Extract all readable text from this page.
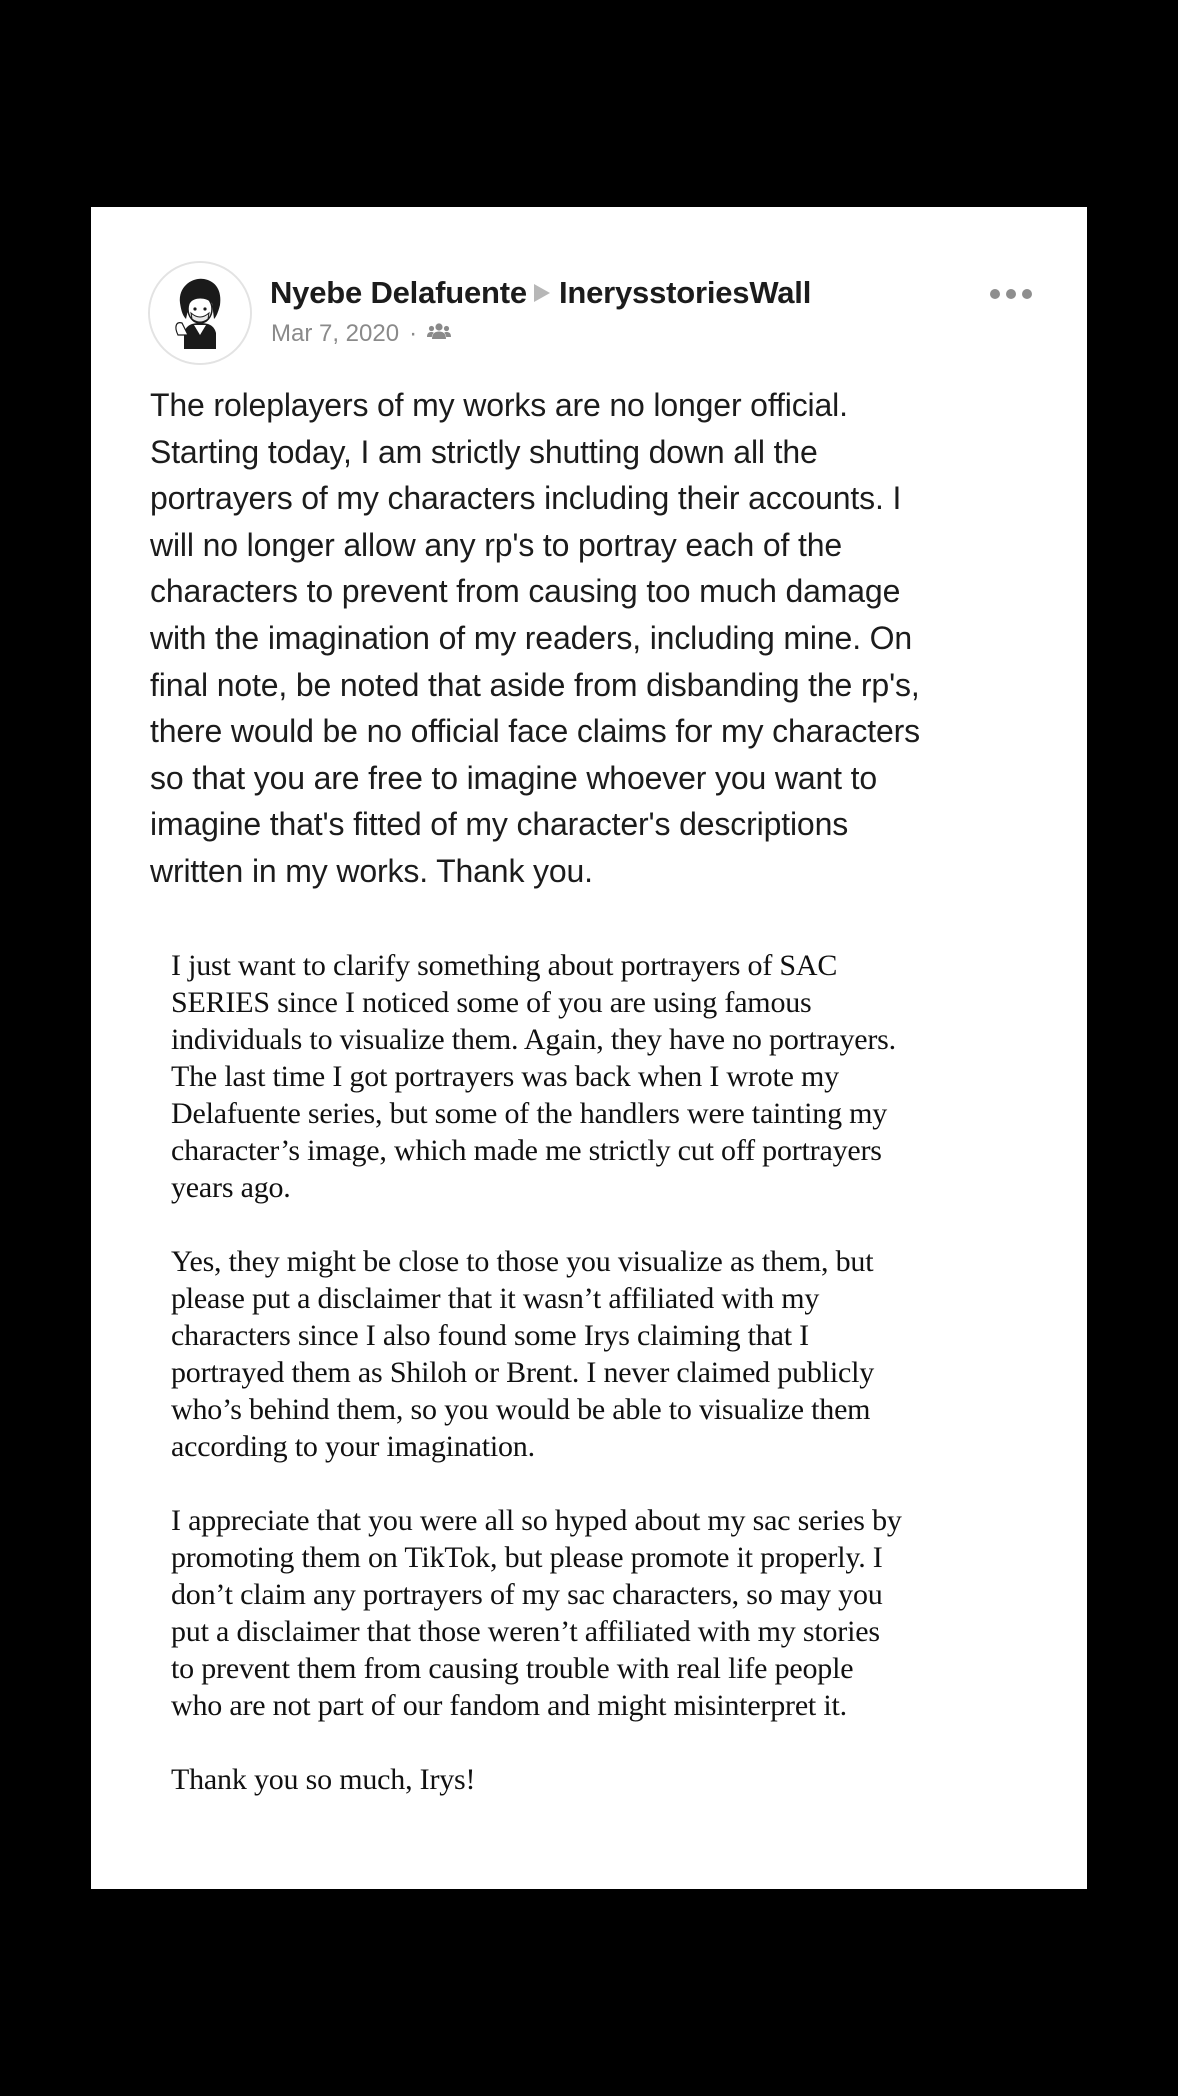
Nyebe Delafuente InerysstoriesWall
Mar 7, 2020 ·
The roleplayers of my works are no longer official.
Starting today, I am strictly shutting down all the
portrayers of my characters including their accounts. I
will no longer allow any rp's to portray each of the
characters to prevent from causing too much damage
with the imagination of my readers, including mine. On
final note, be noted that aside from disbanding the rp's,
there would be no official face claims for my characters
so that you are free to imagine whoever you want to
imagine that's fitted of my character's descriptions
written in my works. Thank you.

I just want to clarify something about portrayers of SAC
SERIES since I noticed some of you are using famous
individuals to visualize them. Again, they have no portrayers.
The last time I got portrayers was back when I wrote my
Delafuente series, but some of the handlers were tainting my
character’s image, which made me strictly cut off portrayers
years ago.

Yes, they might be close to those you visualize as them, but
please put a disclaimer that it wasn’t affiliated with my
characters since I also found some Irys claiming that I
portrayed them as Shiloh or Brent. I never claimed publicly
who’s behind them, so you would be able to visualize them
according to your imagination.

I appreciate that you were all so hyped about my sac series by
promoting them on TikTok, but please promote it properly. I
don’t claim any portrayers of my sac characters, so may you
put a disclaimer that those weren’t affiliated with my stories
to prevent them from causing trouble with real life people
who are not part of our fandom and might misinterpret it.

Thank you so much, Irys!
